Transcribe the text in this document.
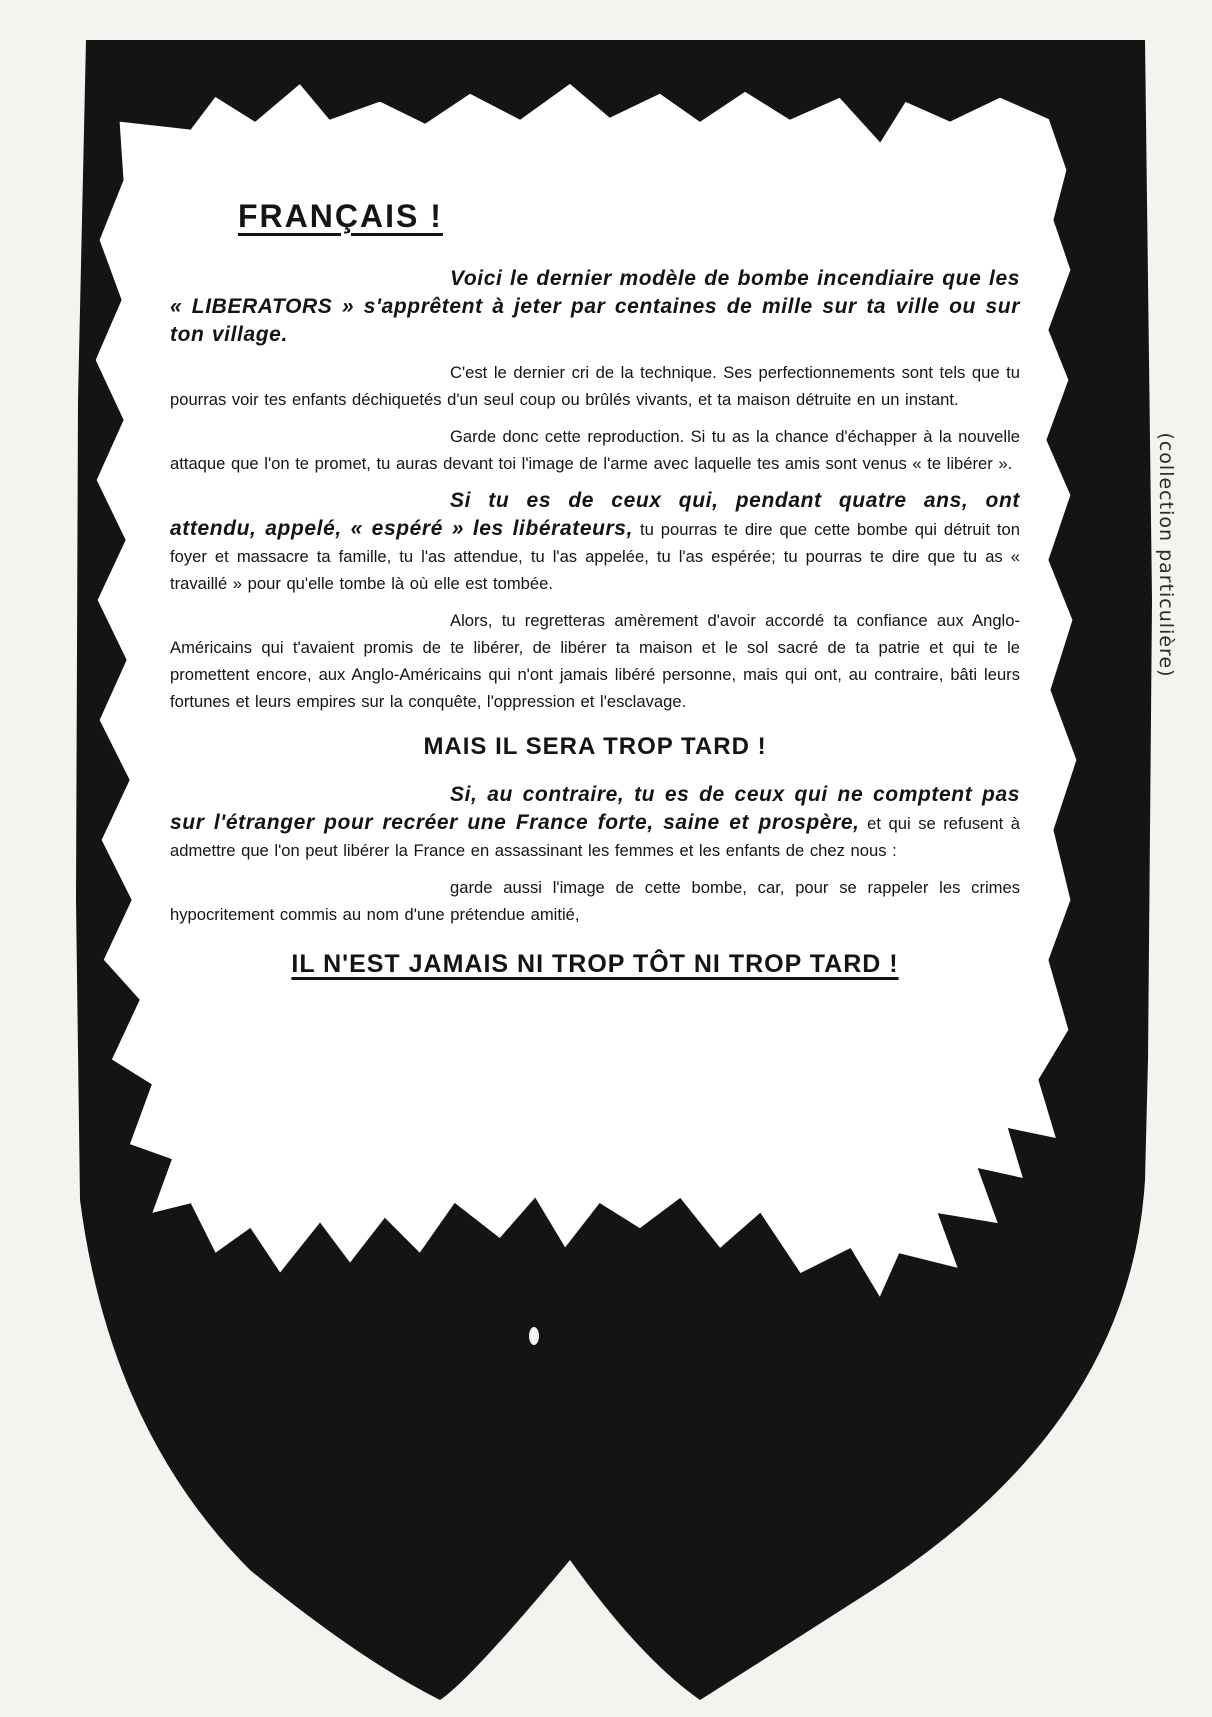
FRANÇAIS !

Voici le dernier modèle de bombe incendiaire que les « LIBERATORS » s'apprêtent à jeter par centaines de mille sur ta ville ou sur ton village.

C'est le dernier cri de la technique. Ses perfectionnements sont tels que tu pourras voir tes enfants déchiquetés d'un seul coup ou brûlés vivants, et ta maison détruite en un instant.

Garde donc cette reproduction. Si tu as la chance d'échapper à la nouvelle attaque que l'on te promet, tu auras devant toi l'image de l'arme avec laquelle tes amis sont venus « te libérer ».

Si tu es de ceux qui, pendant quatre ans, ont attendu, appelé, « espéré » les libérateurs, tu pourras te dire que cette bombe qui détruit ton foyer et massacre ta famille, tu l'as attendue, tu l'as appelée, tu l'as espérée; tu pourras te dire que tu as « travaillé » pour qu'elle tombe là où elle est tombée.

Alors, tu regretteras amèrement d'avoir accordé ta confiance aux Anglo-Américains qui t'avaient promis de te libérer, de libérer ta maison et le sol sacré de ta patrie et qui te le promettent encore, aux Anglo-Américains qui n'ont jamais libéré personne, mais qui ont, au contraire, bâti leurs fortunes et leurs empires sur la conquête, l'oppression et l'esclavage.

MAIS IL SERA TROP TARD !

Si, au contraire, tu es de ceux qui ne comptent pas sur l'étranger pour recréer une France forte, saine et prospère, et qui se refusent à admettre que l'on peut libérer la France en assassinant les femmes et les enfants de chez nous :

garde aussi l'image de cette bombe, car, pour se rappeler les crimes hypocritement commis au nom d'une prétendue amitié,

IL N'EST JAMAIS NI TROP TÔT NI TROP TARD !
(collection particulière)
